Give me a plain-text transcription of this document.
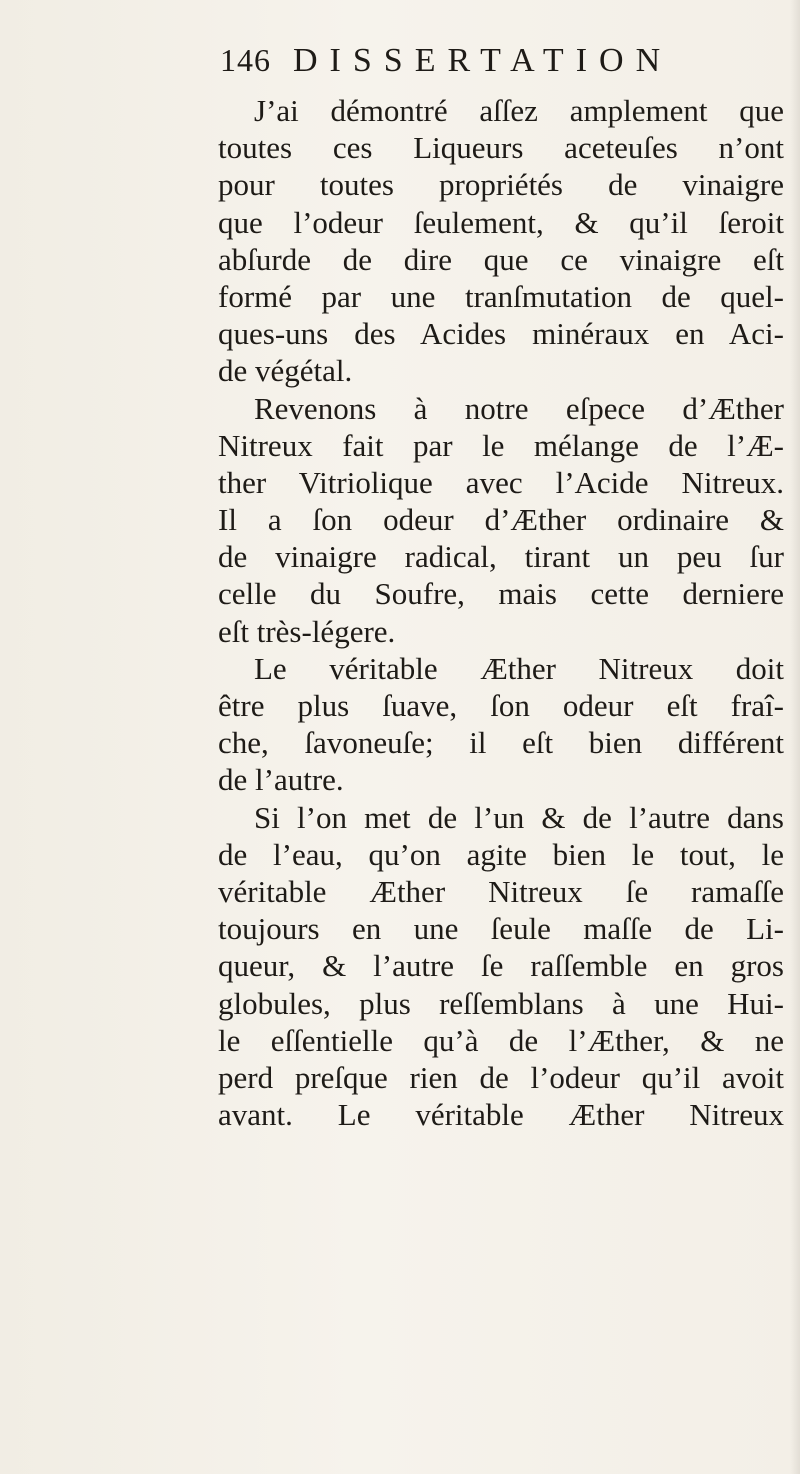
146 DISSERTATION
J’ai démontré aſſez amplement que
toutes ces Liqueurs aceteuſes n’ont
pour toutes propriétés de vinaigre
que l’odeur ſeulement, & qu’il ſeroit
abſurde de dire que ce vinaigre eſt
formé par une tranſmutation de quel-
ques-uns des Acides minéraux en Aci-
de végétal.
Revenons à notre eſpece d’Æther
Nitreux fait par le mélange de l’Æ-
ther Vitriolique avec l’Acide Nitreux.
Il a ſon odeur d’Æther ordinaire &
de vinaigre radical, tirant un peu ſur
celle du Soufre, mais cette derniere
eſt très-légere.
Le véritable Æther Nitreux doit
être plus ſuave, ſon odeur eſt fraî-
che, ſavoneuſe; il eſt bien différent
de l’autre.
Si l’on met de l’un & de l’autre dans
de l’eau, qu’on agite bien le tout, le
véritable Æther Nitreux ſe ramaſſe
toujours en une ſeule maſſe de Li-
queur, & l’autre ſe raſſemble en gros
globules, plus reſſemblans à une Hui-
le eſſentielle qu’à de l’Æther, & ne
perd preſque rien de l’odeur qu’il avoit
avant. Le véritable Æther Nitreux
